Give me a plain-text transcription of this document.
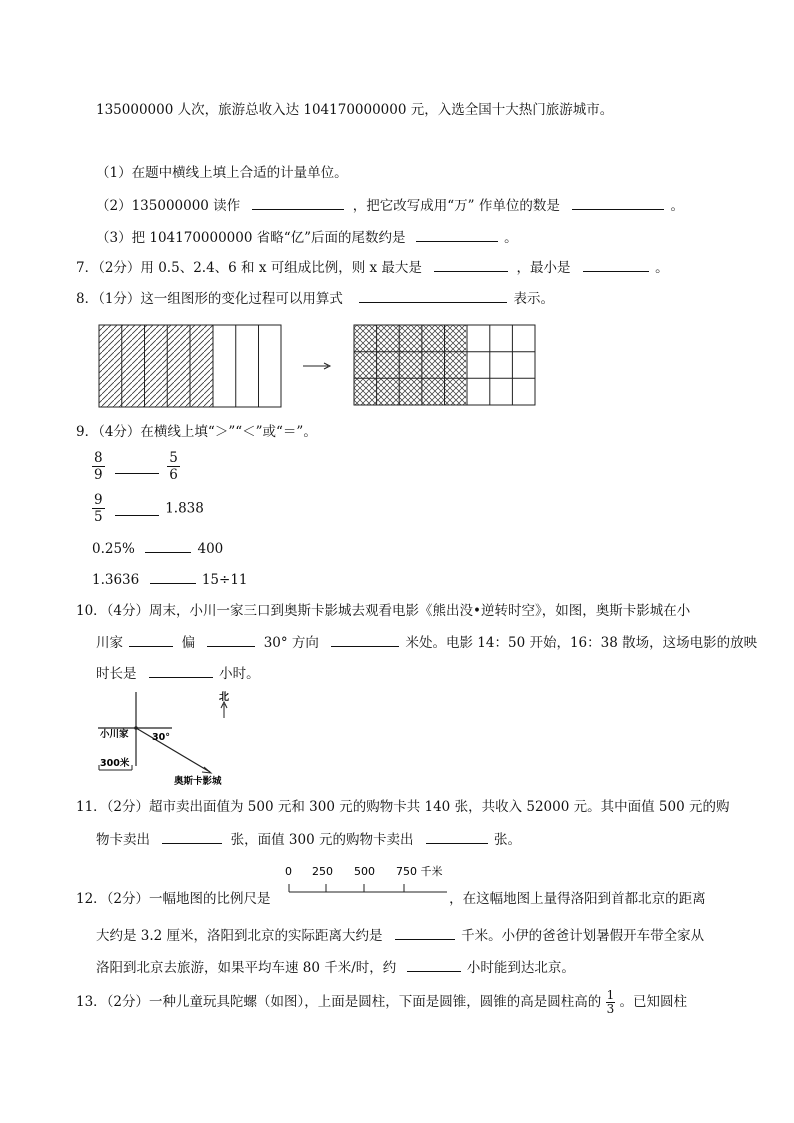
135000000 人次，旅游总收入达 104170000000 元，入选全国十大热门旅游城市。
（1）在题中横线上填上合适的计量单位。
（2）135000000 读作	，把它改写成用“万” 作单位的数是	。
（3）把 104170000000 省略“亿”后面的尾数约是	。
7．（2分）用 0.5、2.4、6 和 x 可组成比例，则 x 最大是	，最小是	。
8．（1分）这一组图形的变化过程可以用算式	表示。
9．（4分）在横线上填“＞”“＜”或“＝”。
$\frac{8}{9}$
	$\frac{5}{6}$
$\frac{9}{5}$	1.838
0.25%	400
1.3636	15÷11
10．（4分）周末，小川一家三口到奥斯卡影城去观看电影《熊出没•逆转时空》，如图，奥斯卡影城在小
川家	偏	30° 方向	米处。电影 14：50 开始，16：38 散场，这场电影的放映
时长是	小时。
北
小川家 30°
300米
奥斯卡影城
11．（2分）超市卖出面值为 500 元和 300 元的购物卡共 140 张，共收入 52000 元。其中面值 500 元的购
物卡卖出	张，面值 300 元的购物卡卖出	张。
0 250 500 750 千米
12．（2分）一幅地图的比例尺是	，在这幅地图上量得洛阳到首都北京的距离
大约是 3.2 厘米，洛阳到北京的实际距离大约是	千米。小伊的爸爸计划暑假开车带全家从
洛阳到北京去旅游，如果平均车速 80 千米/时，约	小时能到达北京。
13．（2分）一种儿童玩具陀螺（如图），上面是圆柱，下面是圆锥，圆锥的高是圆柱高的 $\frac{1}{3}$ 。已知圆柱
